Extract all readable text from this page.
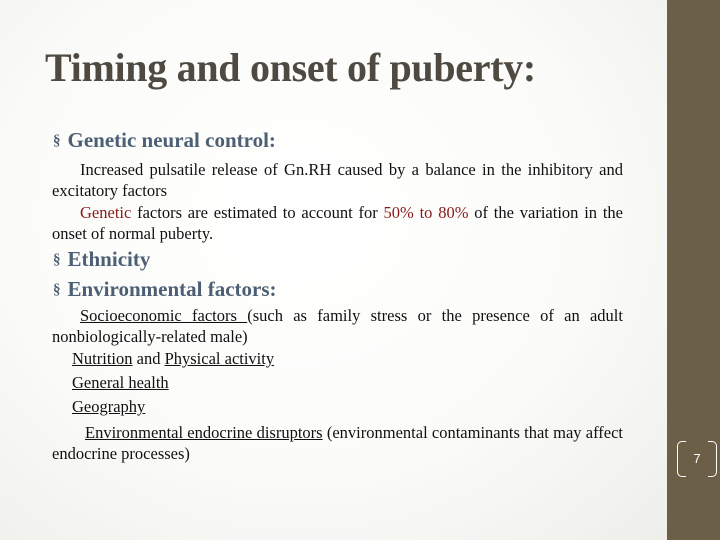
Timing and onset of puberty:
§ Genetic neural control:
Increased pulsatile release of Gn.RH caused by a balance in the inhibitory and excitatory factors
Genetic factors are estimated to account for 50% to 80% of the variation in the onset of normal puberty.
§ Ethnicity
§ Environmental factors:
Socioeconomic factors (such as family stress or the presence of an adult nonbiologically-related male)
Nutrition and Physical activity
General health
Geography
Environmental endocrine disruptors (environmental contaminants that may affect endocrine processes)	7
